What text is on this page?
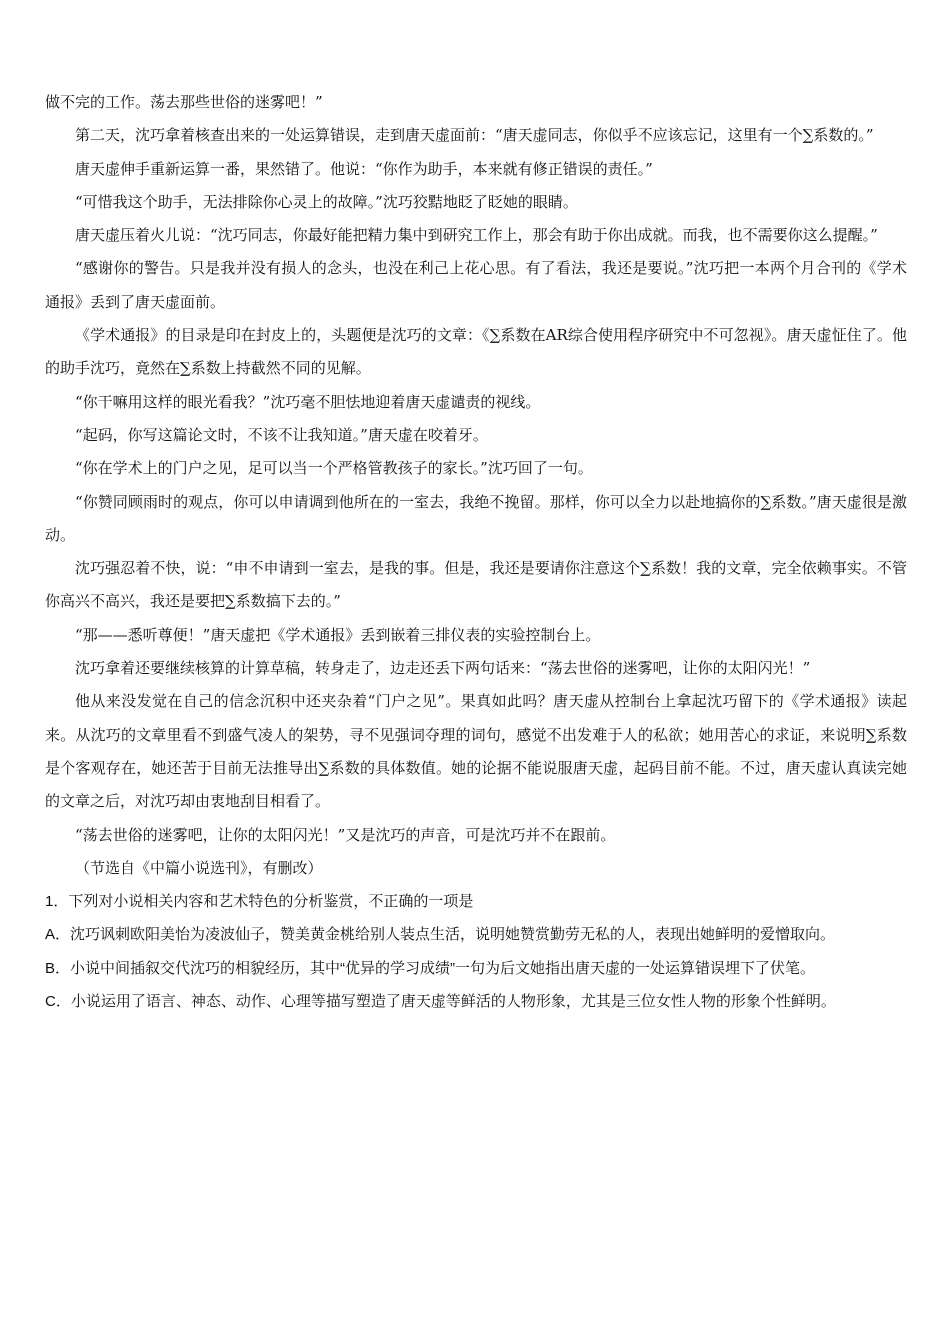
做不完的工作。荡去那些世俗的迷雾吧！”

第二天，沈巧拿着核查出来的一处运算错误，走到唐天虚面前：“唐天虚同志，你似乎不应该忘记，这里有一个∑系数的。”

唐天虚伸手重新运算一番，果然错了。他说：“你作为助手，本来就有修正错误的责任。”

“可惜我这个助手，无法排除你心灵上的故障。”沈巧狡黠地眨了眨她的眼睛。

唐天虚压着火儿说：“沈巧同志，你最好能把精力集中到研究工作上，那会有助于你出成就。而我，也不需要你这么提醒。”

“感谢你的警告。只是我并没有损人的念头，也没在利己上花心思。有了看法，我还是要说。”沈巧把一本两个月合刊的《学术通报》丢到了唐天虚面前。

《学术通报》的目录是印在封皮上的，头题便是沈巧的文章：《∑系数在AR综合使用程序研究中不可忽视》。唐天虚怔住了。他的助手沈巧，竟然在∑系数上持截然不同的见解。

“你干嘛用这样的眼光看我？”沈巧毫不胆怯地迎着唐天虚谴责的视线。

“起码，你写这篇论文时，不该不让我知道。”唐天虚在咬着牙。

“你在学术上的门户之见，足可以当一个严格管教孩子的家长。”沈巧回了一句。

“你赞同顾雨时的观点，你可以申请调到他所在的一室去，我绝不挽留。那样，你可以全力以赴地搞你的∑系数。”唐天虚很是激动。

沈巧强忍着不快，说：“申不申请到一室去，是我的事。但是，我还是要请你注意这个∑系数！我的文章，完全依赖事实。不管你高兴不高兴，我还是要把∑系数搞下去的。”

“那——悉听尊便！”唐天虚把《学术通报》丢到嵌着三排仪表的实验控制台上。

沈巧拿着还要继续核算的计算草稿，转身走了，边走还丢下两句话来：“荡去世俗的迷雾吧，让你的太阳闪光！”

他从来没发觉在自己的信念沉积中还夹杂着“门户之见”。果真如此吗？唐天虚从控制台上拿起沈巧留下的《学术通报》读起来。从沈巧的文章里看不到盛气凌人的架势，寻不见强词夺理的词句，感觉不出发难于人的私欲；她用苦心的求证，来说明∑系数是个客观存在，她还苦于目前无法推导出∑系数的具体数值。她的论据不能说服唐天虚，起码目前不能。不过，唐天虚认真读完她的文章之后，对沈巧却由衷地刮目相看了。

“荡去世俗的迷雾吧，让你的太阳闪光！”又是沈巧的声音，可是沈巧并不在跟前。

（节选自《中篇小说选刊》，有删改）

1．下列对小说相关内容和艺术特色的分析鉴赏，不正确的一项是

A．沈巧讽刺欧阳美怡为凌波仙子，赞美黄金桃给别人装点生活，说明她赞赏勤劳无私的人，表现出她鲜明的爱憎取向。

B．小说中间插叙交代沈巧的相貌经历，其中“优异的学习成绩”一句为后文她指出唐天虚的一处运算错误埋下了伏笔。

C．小说运用了语言、神态、动作、心理等描写塑造了唐天虚等鲜活的人物形象，尤其是三位女性人物的形象个性鲜明。
